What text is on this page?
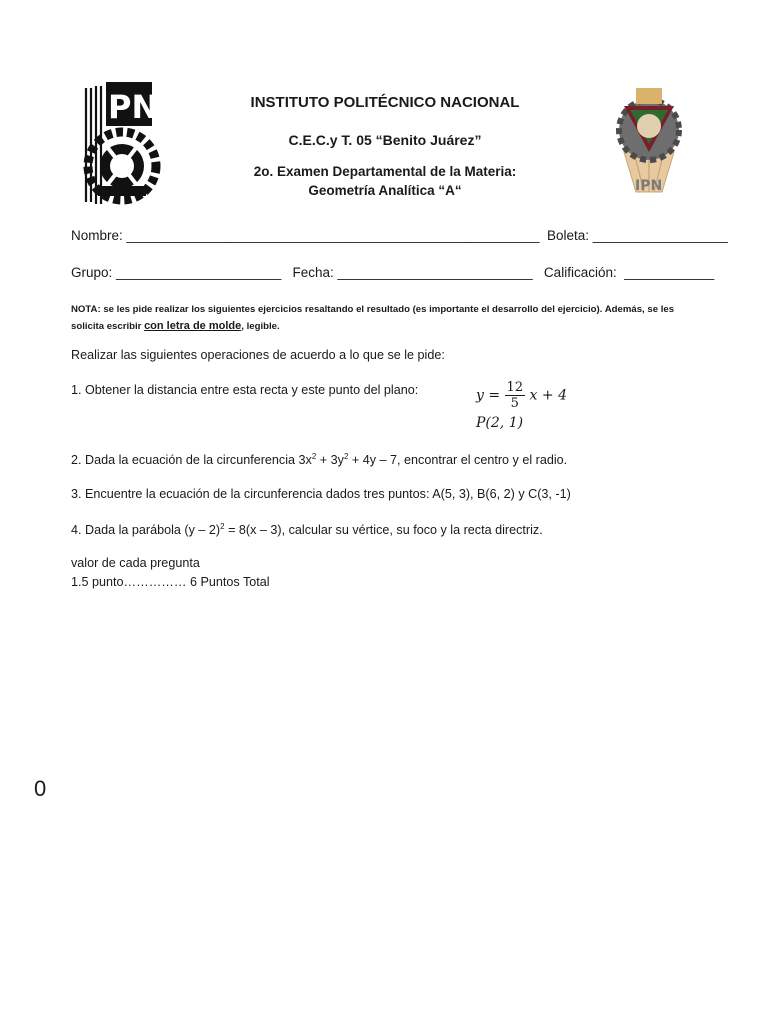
PN
IPN
INSTITUTO POLITÉCNICO NACIONAL
C.E.C.y T. 05 “Benito Juárez”
2o. Examen Departamental de la Materia:
Geometría Analítica “A“
Nombre: _______________________________________________________  Boleta: __________________
Grupo: ______________________   Fecha: __________________________   Calificación:  ____________
NOTA: se les pide realizar los siguientes ejercicios resaltando el resultado (es importante el desarrollo del ejercicio). Además, se les solicita escribir con letra de molde, legible.
Realizar las siguientes operaciones de acuerdo a lo que se le pide:
1. Obtener la distancia entre esta recta y este punto del plano:	$y = \frac{12}{5}$ x + 4
P(2, 1)
2. Dada la ecuación de la circunferencia $3x^2 + 3y^2 + 4y - 7$, encontrar el centro y el radio.
3. Encuentre la ecuación de la circunferencia dados tres puntos: A(5, 3), B(6, 2) y C(3, -1)
4. Dada la parábola (y – 2)$^2$ = 8(x – 3), calcular su vértice, su foco y la recta directriz.
valor de cada pregunta
1.5 punto…………… 6 Puntos Total
0
